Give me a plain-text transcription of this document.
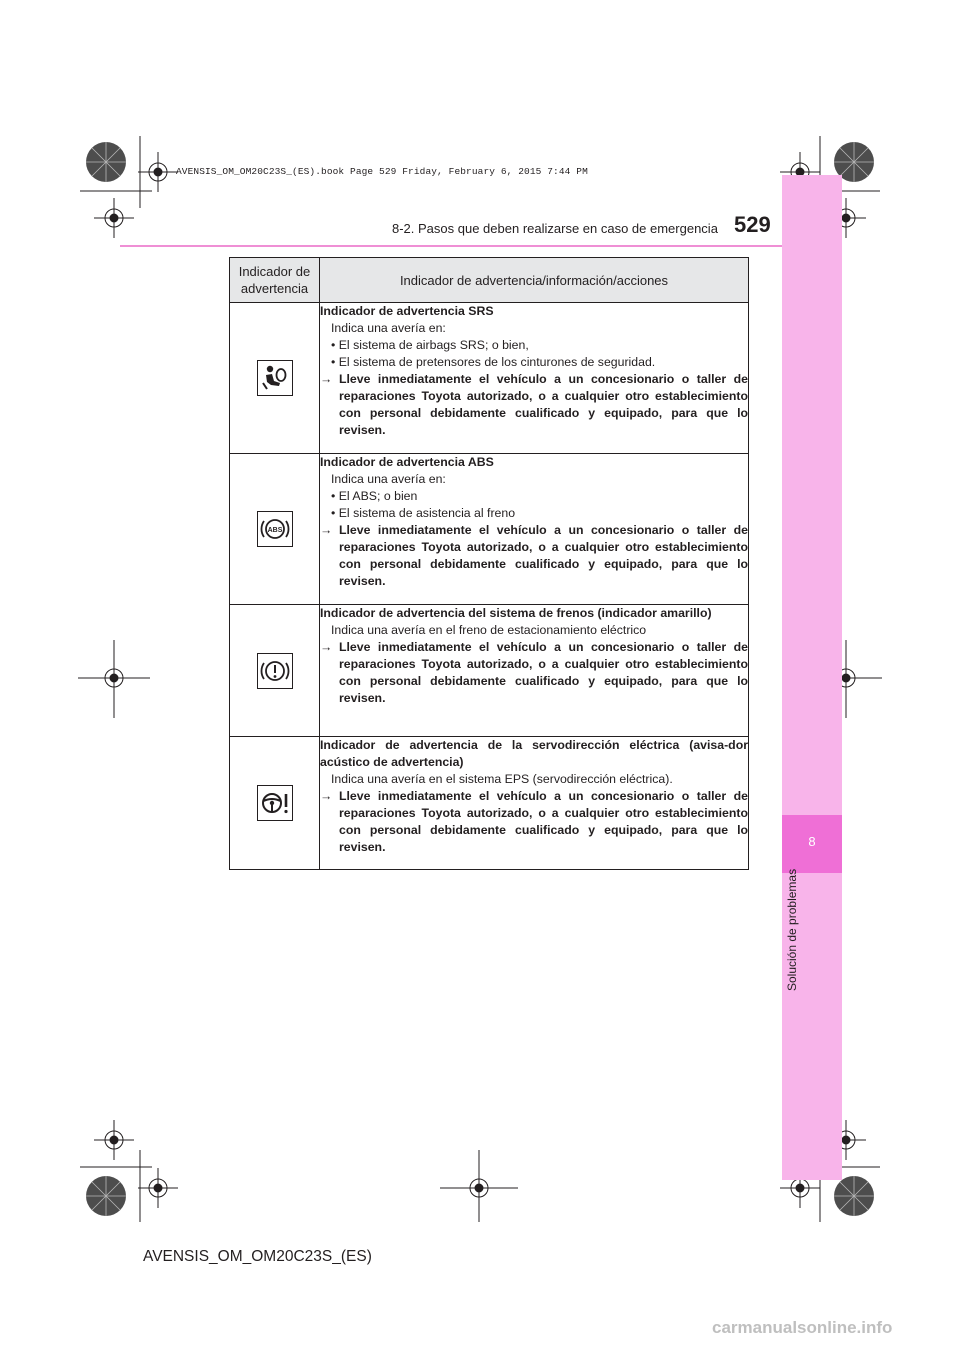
8
Solución de problemas
AVENSIS_OM_OM20C23S_(ES).book Page 529 Friday, February 6, 2015 7:44 PM
8-2. Pasos que deben realizarse en caso de emergencia 529
Indicador de advertencia	Indicador de advertencia/información/acciones

Indicador de advertencia SRS
Indica una avería en:
• El sistema de airbags SRS; o bien,
• El sistema de pretensores de los cinturones de seguridad.
→ Lleve inmediatamente el vehículo a un concesionario o taller de reparaciones Toyota autorizado, o a cualquier otro establecimiento con personal debidamente cualificado y equipado, para que lo revisen.

ABS	Indicador de advertencia ABS
Indica una avería en:
• El ABS; o bien
• El sistema de asistencia al freno
→ Lleve inmediatamente el vehículo a un concesionario o taller de reparaciones Toyota autorizado, o a cualquier otro establecimiento con personal debidamente cualificado y equipado, para que lo revisen.

Indicador de advertencia del sistema de frenos (indicador amarillo)
Indica una avería en el freno de estacionamiento eléctrico
→ Lleve inmediatamente el vehículo a un concesionario o taller de reparaciones Toyota autorizado, o a cualquier otro establecimiento con personal debidamente cualificado y equipado, para que lo revisen.

Indicador de advertencia de la servodirección eléctrica (avisa-dor acústico de advertencia)
Indica una avería en el sistema EPS (servodirección eléctrica).
→ Lleve inmediatamente el vehículo a un concesionario o taller de reparaciones Toyota autorizado, o a cualquier otro establecimiento con personal debidamente cualificado y equipado, para que lo revisen.
AVENSIS_OM_OM20C23S_(ES)
carmanualsonline.info
